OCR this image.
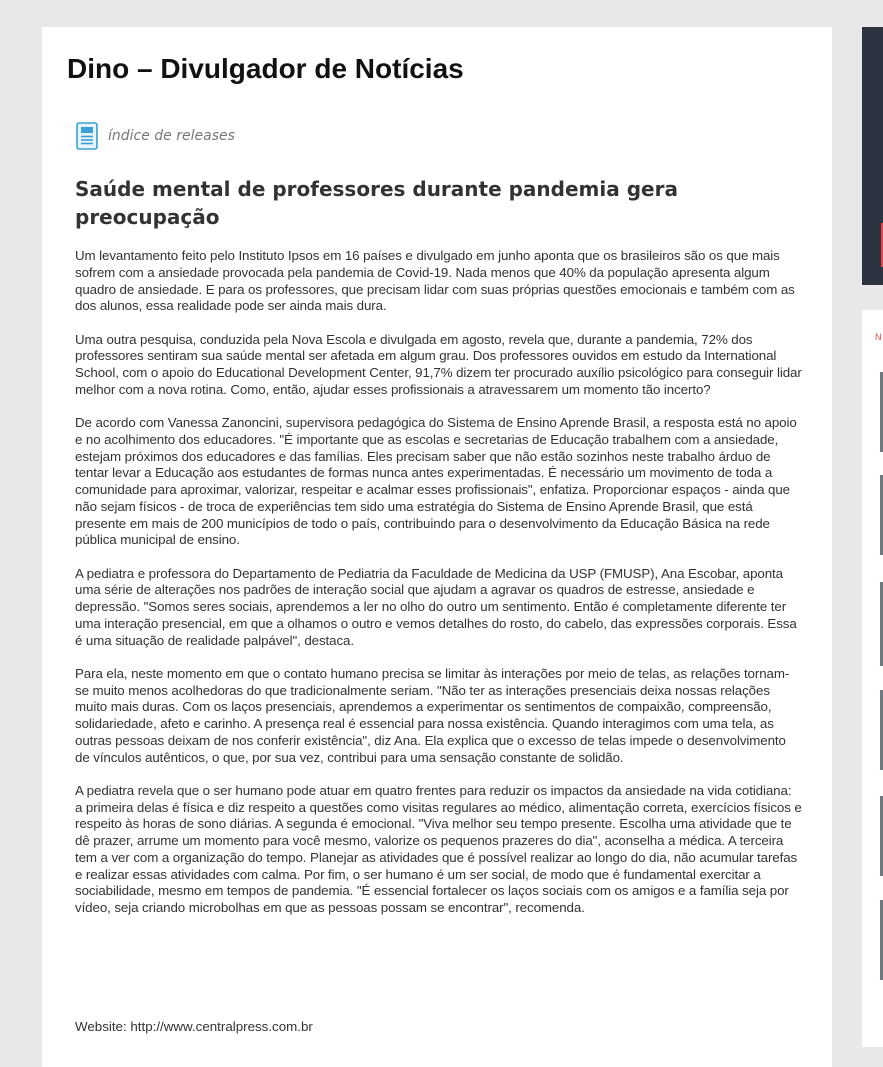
Dino – Divulgador de Notícias
índice de releases
Saúde mental de professores durante pandemia gera preocupação

Um levantamento feito pelo Instituto Ipsos em 16 países e divulgado em junho aponta que os brasileiros são os que mais sofrem com a ansiedade provocada pela pandemia de Covid-19. Nada menos que 40% da população apresenta algum quadro de ansiedade. E para os professores, que precisam lidar com suas próprias questões emocionais e também com as dos alunos, essa realidade pode ser ainda mais dura.

Uma outra pesquisa, conduzida pela Nova Escola e divulgada em agosto, revela que, durante a pandemia, 72% dos professores sentiram sua saúde mental ser afetada em algum grau. Dos professores ouvidos em estudo da International School, com o apoio do Educational Development Center, 91,7% dizem ter procurado auxílio psicológico para conseguir lidar melhor com a nova rotina. Como, então, ajudar esses profissionais a atravessarem um momento tão incerto?

De acordo com Vanessa Zanoncini, supervisora pedagógica do Sistema de Ensino Aprende Brasil, a resposta está no apoio e no acolhimento dos educadores. "É importante que as escolas e secretarias de Educação trabalhem com a ansiedade, estejam próximos dos educadores e das famílias. Eles precisam saber que não estão sozinhos neste trabalho árduo de tentar levar a Educação aos estudantes de formas nunca antes experimentadas. É necessário um movimento de toda a comunidade para aproximar, valorizar, respeitar e acalmar esses profissionais", enfatiza. Proporcionar espaços - ainda que não sejam físicos - de troca de experiências tem sido uma estratégia do Sistema de Ensino Aprende Brasil, que está presente em mais de 200 municípios de todo o país, contribuindo para o desenvolvimento da Educação Básica na rede pública municipal de ensino.

A pediatra e professora do Departamento de Pediatria da Faculdade de Medicina da USP (FMUSP), Ana Escobar, aponta uma série de alterações nos padrões de interação social que ajudam a agravar os quadros de estresse, ansiedade e depressão. "Somos seres sociais, aprendemos a ler no olho do outro um sentimento. Então é completamente diferente ter uma interação presencial, em que a olhamos o outro e vemos detalhes do rosto, do cabelo, das expressões corporais. Essa é uma situação de realidade palpável", destaca.

Para ela, neste momento em que o contato humano precisa se limitar às interações por meio de telas, as relações tornam-se muito menos acolhedoras do que tradicionalmente seriam. "Não ter as interações presenciais deixa nossas relações muito mais duras. Com os laços presenciais, aprendemos a experimentar os sentimentos de compaixão, compreensão, solidariedade, afeto e carinho. A presença real é essencial para nossa existência. Quando interagimos com uma tela, as outras pessoas deixam de nos conferir existência", diz Ana. Ela explica que o excesso de telas impede o desenvolvimento de vínculos autênticos, o que, por sua vez, contribui para uma sensação constante de solidão.

A pediatra revela que o ser humano pode atuar em quatro frentes para reduzir os impactos da ansiedade na vida cotidiana: a primeira delas é física e diz respeito a questões como visitas regulares ao médico, alimentação correta, exercícios físicos e respeito às horas de sono diárias. A segunda é emocional. "Viva melhor seu tempo presente. Escolha uma atividade que te dê prazer, arrume um momento para você mesmo, valorize os pequenos prazeres do dia", aconselha a médica. A terceira tem a ver com a organização do tempo. Planejar as atividades que é possível realizar ao longo do dia, não acumular tarefas e realizar essas atividades com calma. Por fim, o ser humano é um ser social, de modo que é fundamental exercitar a sociabilidade, mesmo em tempos de pandemia. "É essencial fortalecer os laços sociais com os amigos e a família seja por vídeo, seja criando microbolhas em que as pessoas possam se encontrar", recomenda.

Website: http://www.centralpress.com.br
N
